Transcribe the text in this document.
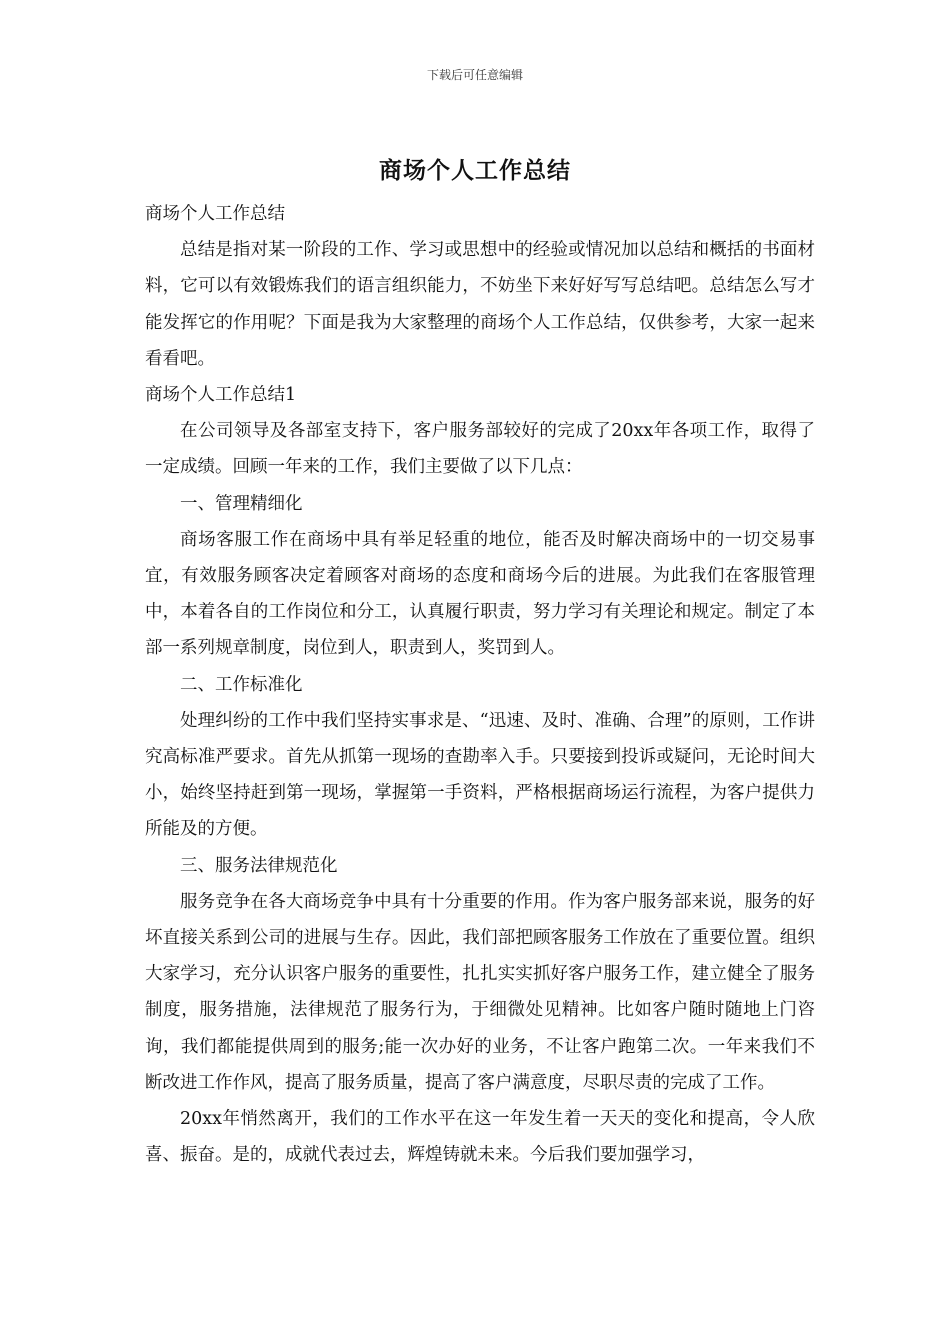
下载后可任意编辑
商场个人工作总结

商场个人工作总结

总结是指对某一阶段的工作、学习或思想中的经验或情况加以总结和概括的书面材料，它可以有效锻炼我们的语言组织能力，不妨坐下来好好写写总结吧。总结怎么写才能发挥它的作用呢？下面是我为大家整理的商场个人工作总结，仅供参考，大家一起来看看吧。

商场个人工作总结1

在公司领导及各部室支持下，客户服务部较好的完成了20xx年各项工作，取得了一定成绩。回顾一年来的工作，我们主要做了以下几点：

一、管理精细化

商场客服工作在商场中具有举足轻重的地位，能否及时解决商场中的一切交易事宜，有效服务顾客决定着顾客对商场的态度和商场今后的进展。为此我们在客服管理中，本着各自的工作岗位和分工，认真履行职责，努力学习有关理论和规定。制定了本部一系列规章制度，岗位到人，职责到人，奖罚到人。

二、工作标准化

处理纠纷的工作中我们坚持实事求是、“迅速、及时、准确、合理”的原则，工作讲究高标准严要求。首先从抓第一现场的查勘率入手。只要接到投诉或疑问，无论时间大小，始终坚持赶到第一现场，掌握第一手资料，严格根据商场运行流程，为客户提供力所能及的方便。

三、服务法律规范化

服务竞争在各大商场竞争中具有十分重要的作用。作为客户服务部来说，服务的好坏直接关系到公司的进展与生存。因此，我们部把顾客服务工作放在了重要位置。组织大家学习，充分认识客户服务的重要性，扎扎实实抓好客户服务工作，建立健全了服务制度，服务措施，法律规范了服务行为，于细微处见精神。比如客户随时随地上门咨询，我们都能提供周到的服务;能一次办好的业务，不让客户跑第二次。一年来我们不断改进工作作风，提高了服务质量，提高了客户满意度，尽职尽责的完成了工作。

20xx年悄然离开，我们的工作水平在这一年发生着一天天的变化和提高，令人欣喜、振奋。是的，成就代表过去，辉煌铸就未来。今后我们要加强学习，
